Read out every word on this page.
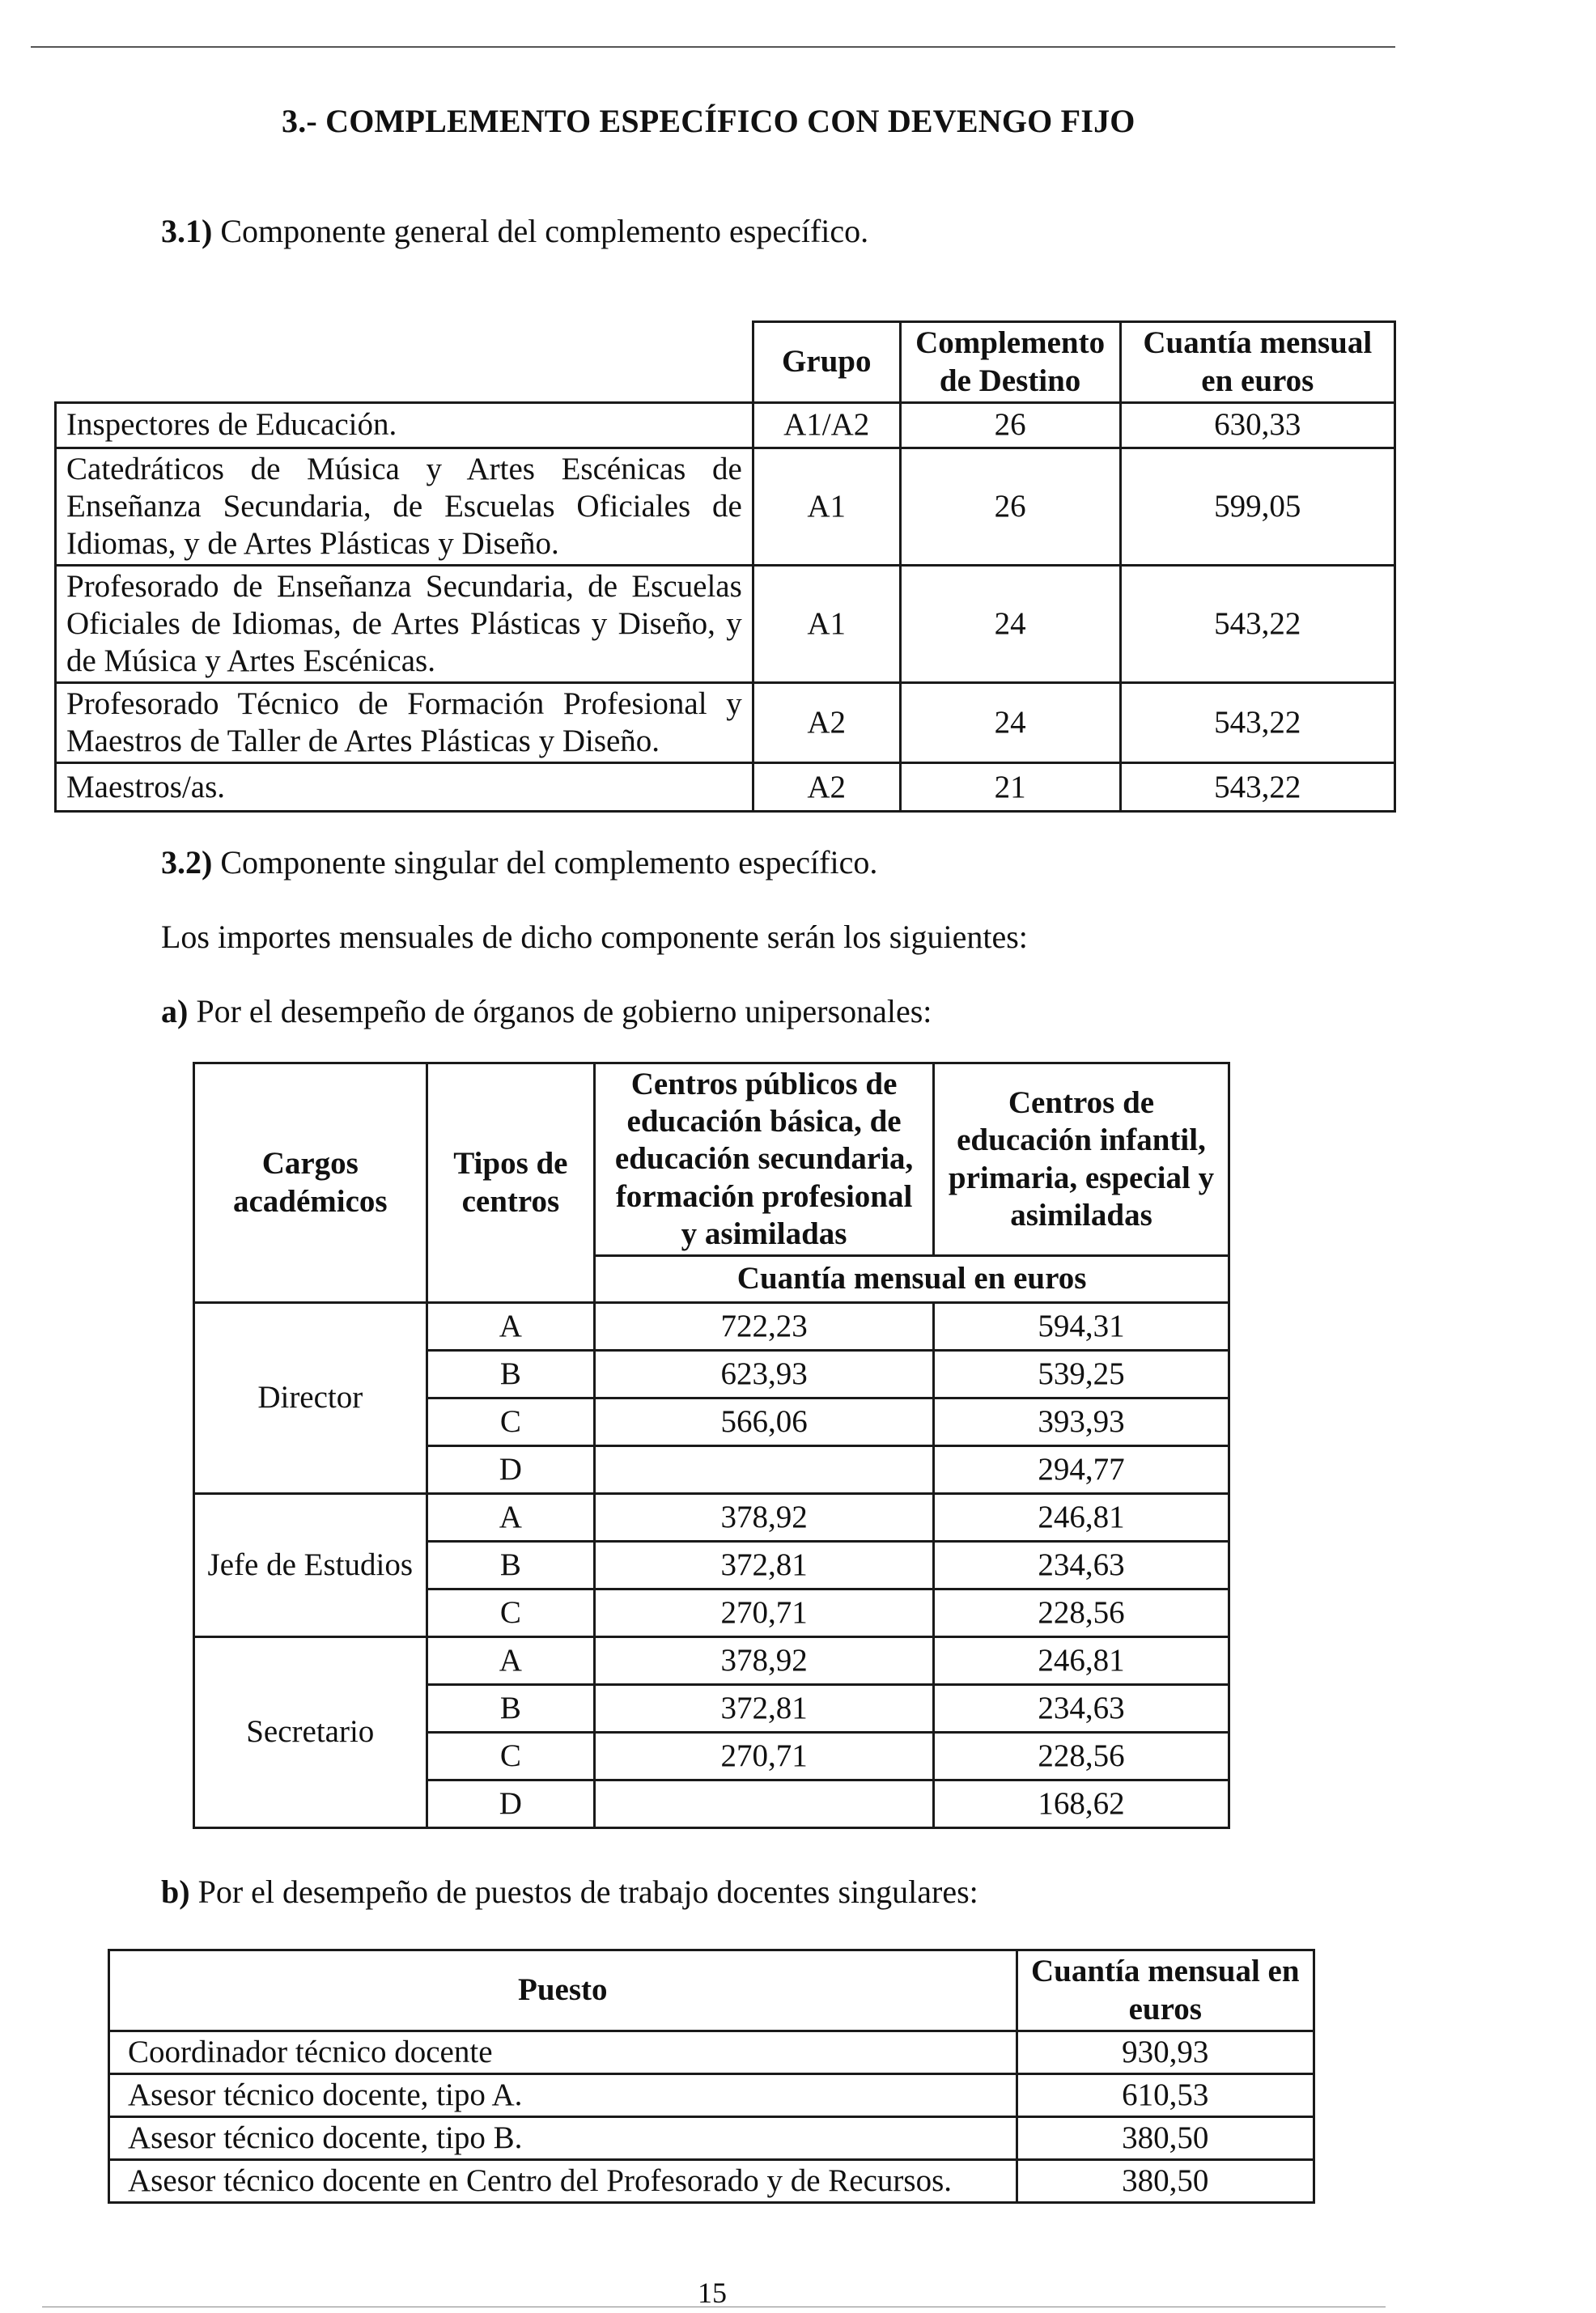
3.- COMPLEMENTO ESPECÍFICO CON DEVENGO FIJO
3.1) Componente general del complemento específico.
	Grupo	Complemento de Destino	Cuantía mensual en euros
Inspectores de Educación.	A1/A2	26	630,33
Catedráticos de Música y Artes Escénicas de Enseñanza Secundaria, de Escuelas Oficiales de Idiomas, y de Artes Plásticas y Diseño.	A1	26	599,05
Profesorado de Enseñanza Secundaria, de Escuelas Oficiales de Idiomas, de Artes Plásticas y Diseño, y de Música y Artes Escénicas.	A1	24	543,22
Profesorado Técnico de Formación Profesional y Maestros de Taller de Artes Plásticas y Diseño.	A2	24	543,22
Maestros/as.	A2	21	543,22
3.2) Componente singular del complemento específico.
Los importes mensuales de dicho componente serán los siguientes:
a) Por el desempeño de órganos de gobierno unipersonales:
Cargos académicos	Tipos de centros	Centros públicos de educación básica, de educación secundaria, formación profesional y asimiladas	Centros de educación infantil, primaria, especial y asimiladas
		Cuantía mensual en euros	
Director	A	722,23	594,31
	B	623,93	539,25
	C	566,06	393,93
	D		294,77
Jefe de Estudios	A	378,92	246,81
	B	372,81	234,63
	C	270,71	228,56
Secretario	A	378,92	246,81
	B	372,81	234,63
	C	270,71	228,56
	D		168,62
b) Por el desempeño de puestos de trabajo docentes singulares:
Puesto	Cuantía mensual en euros
Coordinador técnico docente	930,93
Asesor técnico docente, tipo A.	610,53
Asesor técnico docente, tipo B.	380,50
Asesor técnico docente en Centro del Profesorado y de Recursos.	380,50
15
